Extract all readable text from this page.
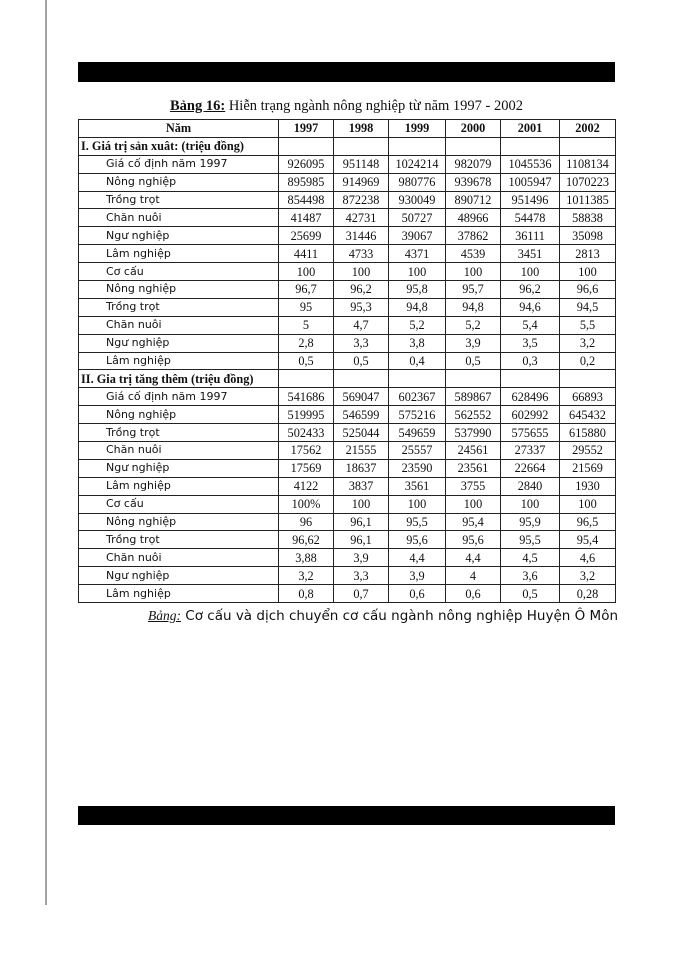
Bảng 16: Hiễn trạng ngành nông nghiệp từ năm 1997 - 2002
Năm	1997	1998	1999	2000	2001	2002
I. Giá trị sản xuât: (triệu đồng)						
Giá cố định năm 1997	926095	951148	1024214	982079	1045536	1108134
Nông nghiệp	895985	914969	980776	939678	1005947	1070223
Trồng trọt	854498	872238	930049	890712	951496	1011385
Chăn nuôi	41487	42731	50727	48966	54478	58838
Ngư nghiệp	25699	31446	39067	37862	36111	35098
Lâm nghiệp	4411	4733	4371	4539	3451	2813
Cơ cấu	100	100	100	100	100	100
Nông nghiệp	96,7	96,2	95,8	95,7	96,2	96,6
Trồng trọt	95	95,3	94,8	94,8	94,6	94,5
Chăn nuôi	5	4,7	5,2	5,2	5,4	5,5
Ngư nghiệp	2,8	3,3	3,8	3,9	3,5	3,2
Lâm nghiệp	0,5	0,5	0,4	0,5	0,3	0,2
II. Gia trị tăng thêm (triệu đồng)						
Giá cố định năm 1997	541686	569047	602367	589867	628496	66893
Nông nghiệp	519995	546599	575216	562552	602992	645432
Trồng trọt	502433	525044	549659	537990	575655	615880
Chăn nuôi	17562	21555	25557	24561	27337	29552
Ngư nghiệp	17569	18637	23590	23561	22664	21569
Lâm nghiệp	4122	3837	3561	3755	2840	1930
Cơ cấu	100%	100	100	100	100	100
Nông nghiệp	96	96,1	95,5	95,4	95,9	96,5
Trồng trọt	96,62	96,1	95,6	95,6	95,5	95,4
Chăn nuôi	3,88	3,9	4,4	4,4	4,5	4,6
Ngư nghiệp	3,2	3,3	3,9	4	3,6	3,2
Lâm nghiệp	0,8	0,7	0,6	0,6	0,5	0,28
Bảng: Cơ cấu và dịch chuyển cơ cấu ngành nông nghiệp Huyện Ô Môn
